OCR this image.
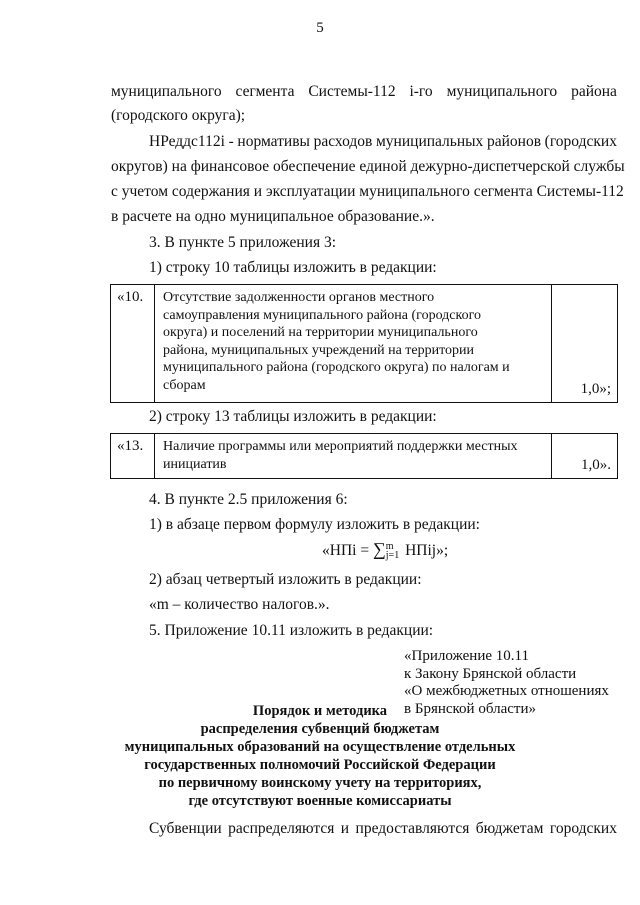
5
муниципального сегмента Системы-112 i-го муниципального района
(городского округа);
НРеддс112i - нормативы расходов муниципальных районов (городских
округов) на финансовое обеспечение единой дежурно-диспетчерской службы
с учетом содержания и эксплуатации муниципального сегмента Системы-112
в расчете на одно муниципальное образование.».
3. В пункте 5 приложения 3:
1) строку 10 таблицы изложить в редакции:
«10.	Отсутствие задолженности органов местного
самоуправления муниципального района (городского
округа) и поселений на территории муниципального
района, муниципальных учреждений на территории
муниципального района (городского округа) по налогам и
сборам	1,0»;
2) строку 13 таблицы изложить в редакции:
«13.	Наличие программы или мероприятий поддержки местных
инициатив	1,0».
4. В пункте 2.5 приложения 6:
1) в абзаце первом формулу изложить в редакции:
«НПi = ∑ m
j=1 НПij»;
2) абзац четвертый изложить в редакции:
«m – количество налогов.».
5. Приложение 10.11 изложить в редакции:
«Приложение 10.11
к Закону Брянской области
«О межбюджетных отношениях
в Брянской области»
Порядок и методика
распределения субвенций бюджетам
муниципальных образований на осуществление отдельных
государственных полномочий Российской Федерации
по первичному воинскому учету на территориях,
где отсутствуют военные комиссариаты
Субвенции распределяются и предоставляются бюджетам городских
